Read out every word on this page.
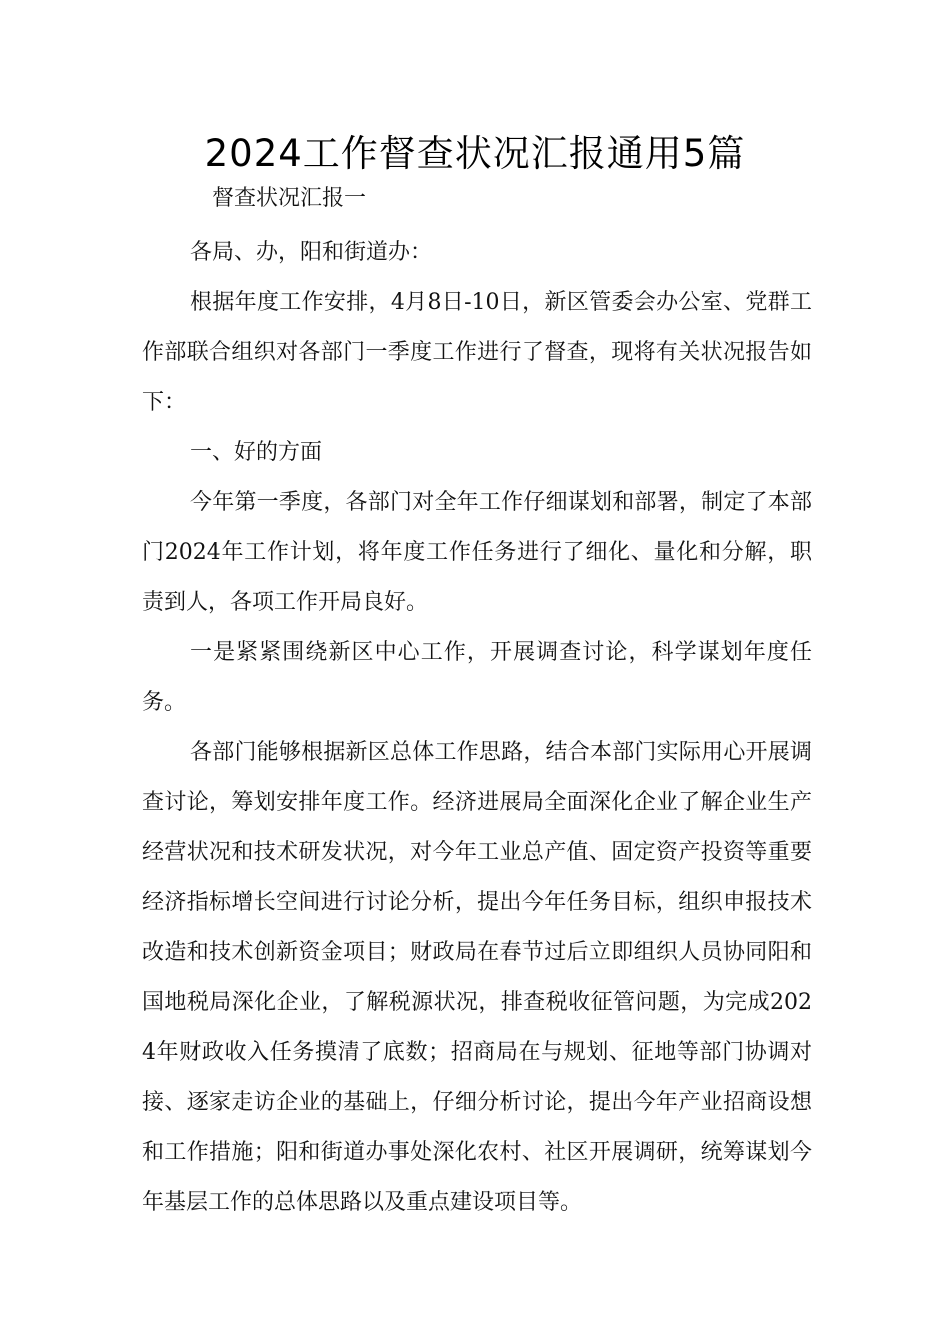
2024工作督查状况汇报通用5篇

督查状况汇报一

各局、办，阳和街道办：

根据年度工作安排，4月8日-10日，新区管委会办公室、党群工作部联合组织对各部门一季度工作进行了督查，现将有关状况报告如下：

一、好的方面

今年第一季度，各部门对全年工作仔细谋划和部署，制定了本部门2024年工作计划，将年度工作任务进行了细化、量化和分解，职责到人，各项工作开局良好。

一是紧紧围绕新区中心工作，开展调查讨论，科学谋划年度任务。

各部门能够根据新区总体工作思路，结合本部门实际用心开展调查讨论，筹划安排年度工作。经济进展局全面深化企业了解企业生产经营状况和技术研发状况，对今年工业总产值、固定资产投资等重要经济指标增长空间进行讨论分析，提出今年任务目标，组织申报技术改造和技术创新资金项目；财政局在春节过后立即组织人员协同阳和国地税局深化企业，了解税源状况，排查税收征管问题，为完成2024年财政收入任务摸清了底数；招商局在与规划、征地等部门协调对接、逐家走访企业的基础上，仔细分析讨论，提出今年产业招商设想和工作措施；阳和街道办事处深化农村、社区开展调研，统筹谋划今年基层工作的总体思路以及重点建设项目等。
